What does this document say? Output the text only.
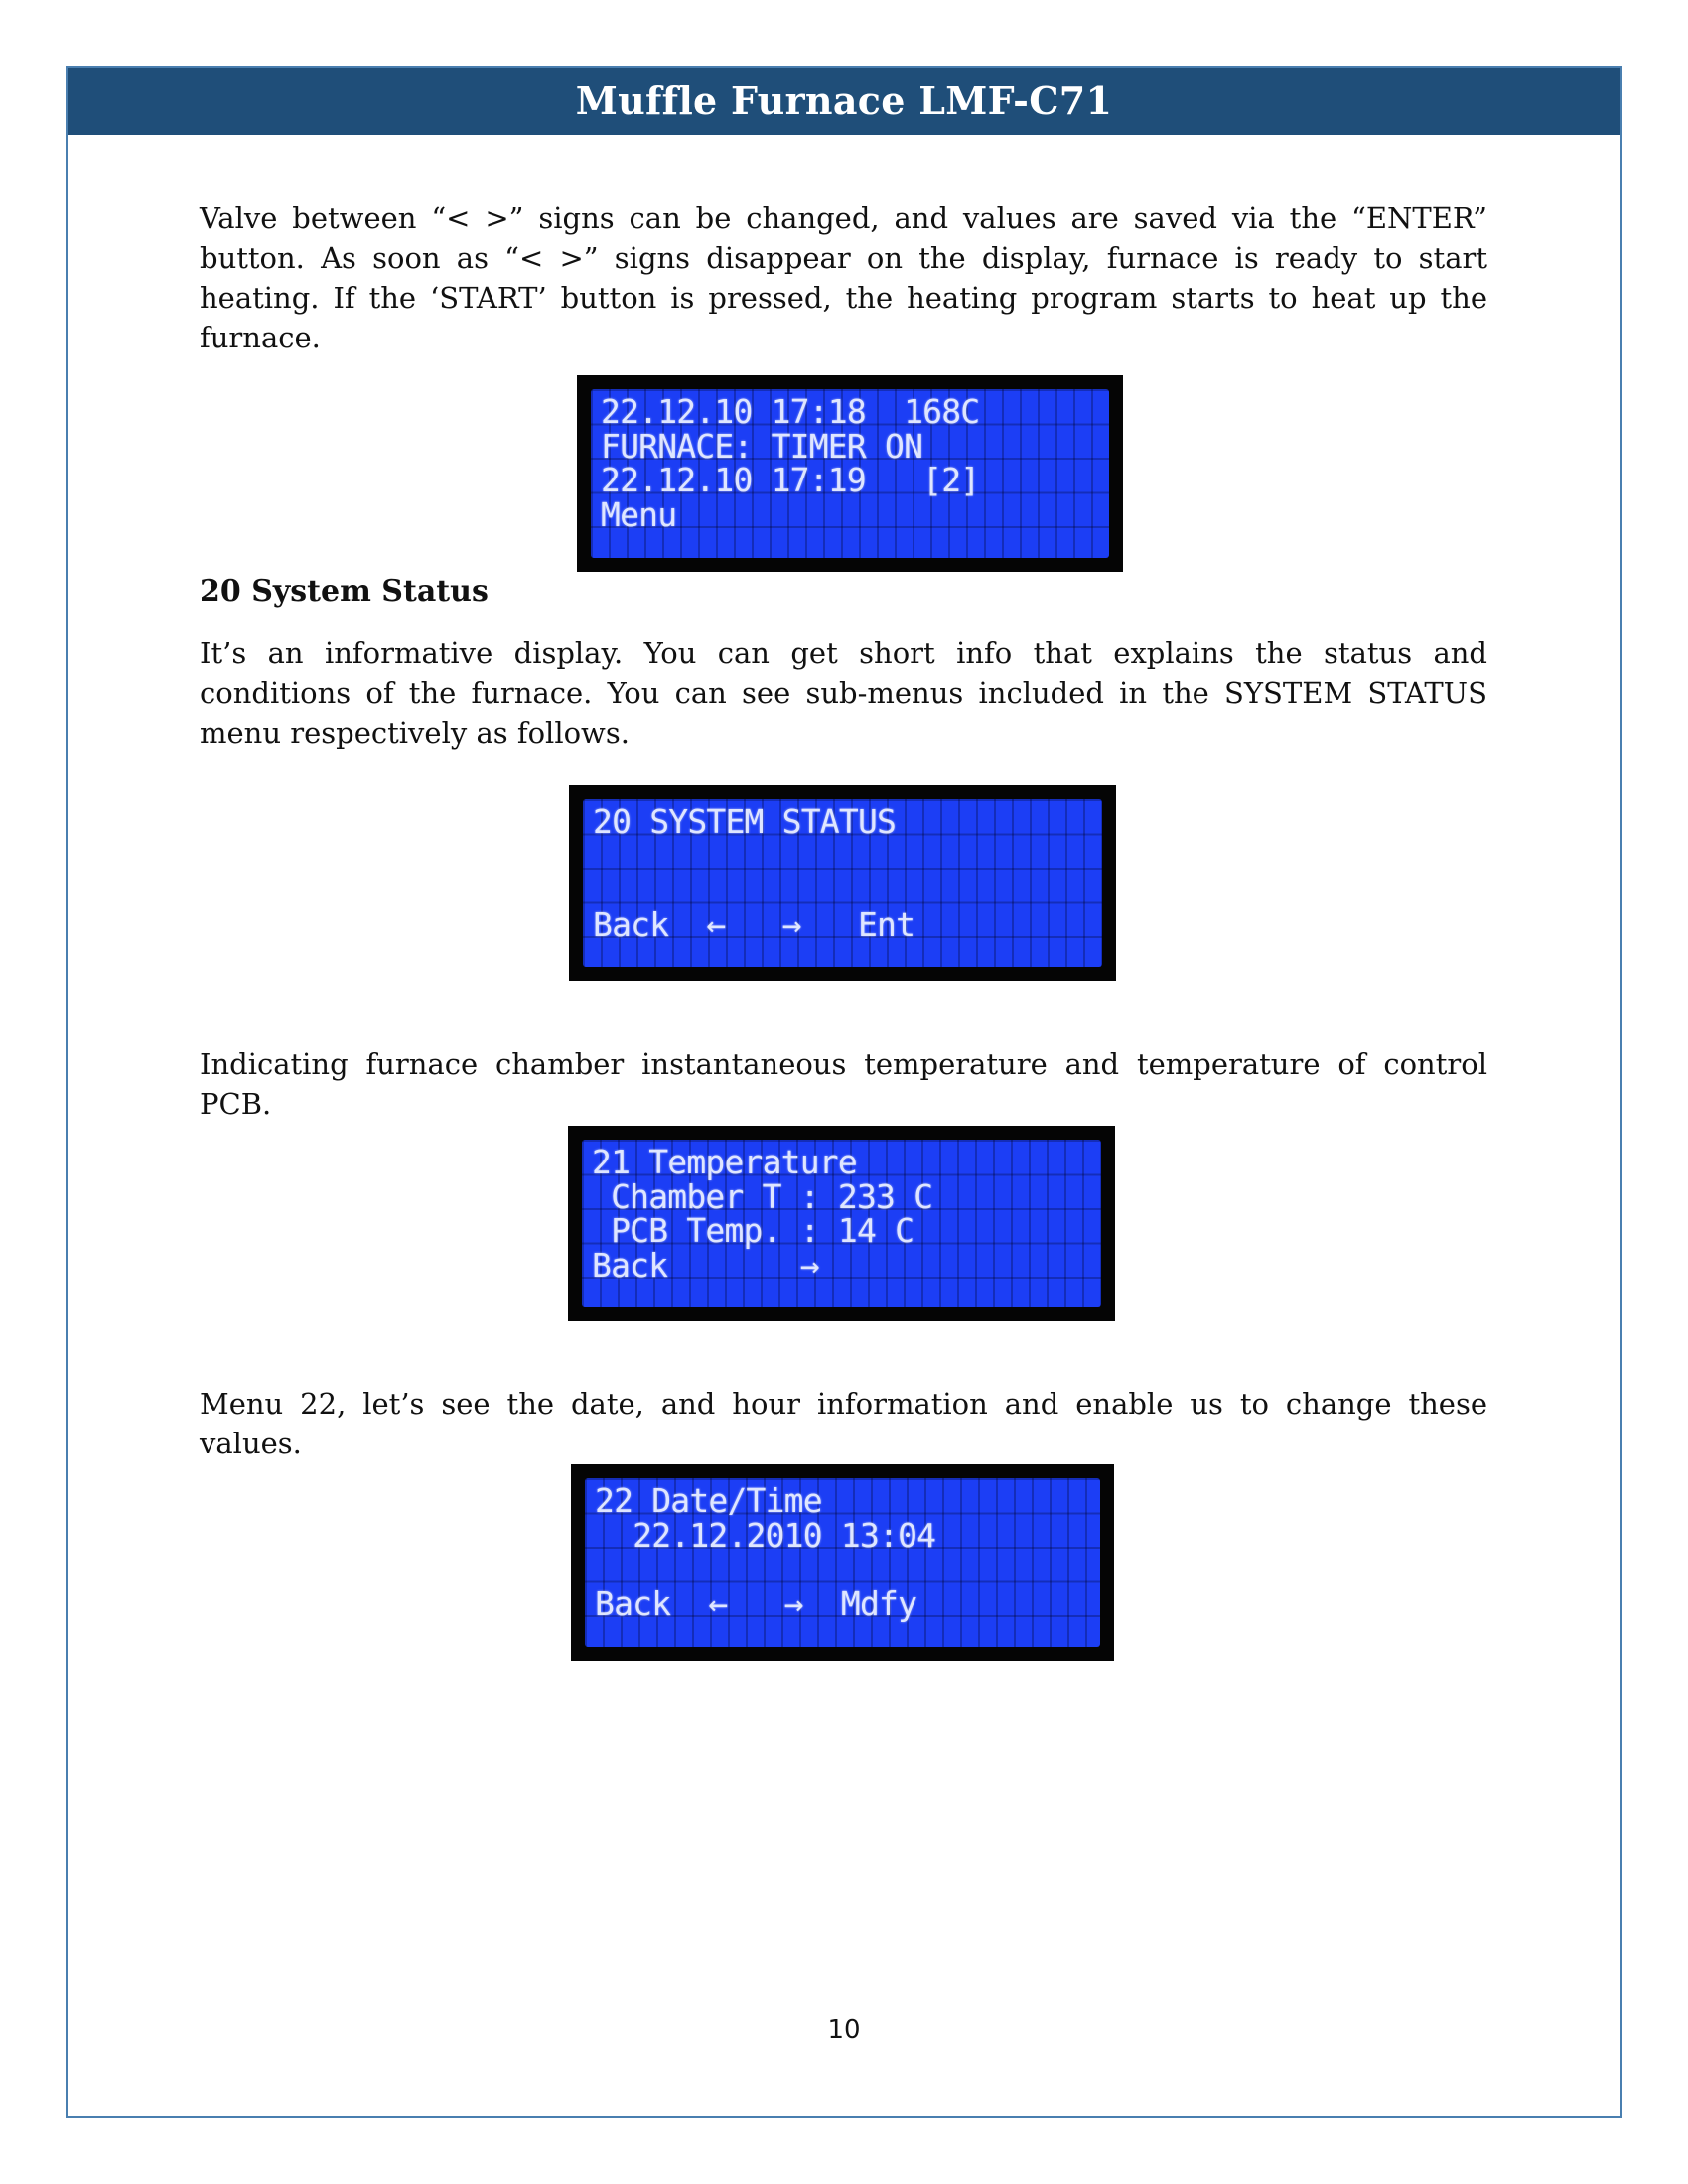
Muffle Furnace LMF-C71

Valve between “< >” signs can be changed, and values are saved via the “ENTER” button. As soon as “< >” signs disappear on the display, furnace is ready to start heating. If the ‘START’ button is pressed, the heating program starts to heat up the furnace.

22.12.10 17:18  168C
FURNACE: TIMER ON
22.12.10 17:19   [2]
Menu
20 System Status

It’s an informative display. You can get short info that explains the status and conditions of the furnace. You can see sub-menus included in the SYSTEM STATUS menu respectively as follows.

20 SYSTEM STATUS
Back  ←   →   Ent

Indicating furnace chamber instantaneous temperature and temperature of control PCB.

21 Temperature
Chamber T : 233 C
PCB Temp. : 14 C
Back       →

Menu 22, let’s see the date, and hour information and enable us to change these values.

22 Date/Time
22.12.2010 13:04
Back  ←   →  Mdfy
10
